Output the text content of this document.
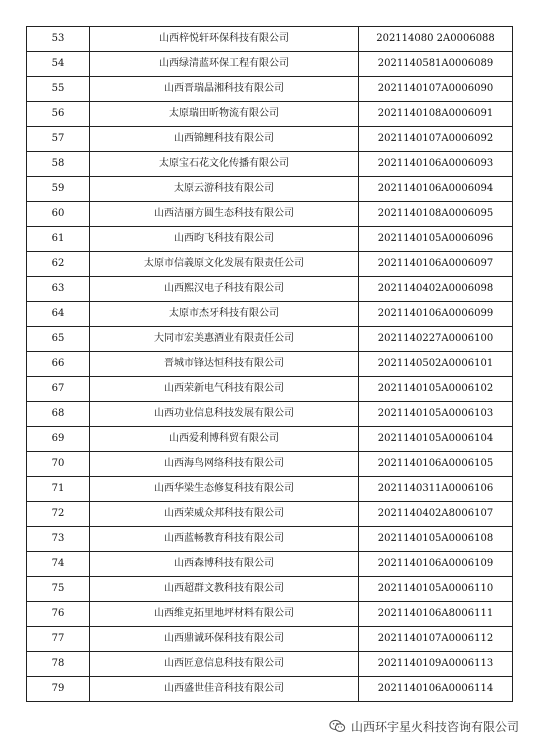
53	山西梓悦轩环保科技有限公司	202114080 2A0006088
54	山西绿清蓝环保工程有限公司	2021140581A0006089
55	山西晋瑞晶湘科技有限公司	2021140107A0006090
56	太原瑞田昕物流有限公司	2021140108A0006091
57	山西锦鲤科技有限公司	2021140107A0006092
58	太原宝石花文化传播有限公司	2021140106A0006093
59	太原云游科技有限公司	2021140106A0006094
60	山西洁丽方圆生态科技有限公司	2021140108A0006095
61	山西昀飞科技有限公司	2021140105A0006096
62	太原市信義原文化发展有限责任公司	2021140106A0006097
63	山西熙汉电子科技有限公司	2021140402A0006098
64	太原市杰牙科技有限公司	2021140106A0006099
65	大同市宏美惠酒业有限责任公司	2021140227A0006100
66	晋城市锋达恒科技有限公司	2021140502A0006101
67	山西荣新电气科技有限公司	2021140105A0006102
68	山西功业信息科技发展有限公司	2021140105A0006103
69	山西爱利博科贸有限公司	2021140105A0006104
70	山西海鸟网络科技有限公司	2021140106A0006105
71	山西华梁生态修复科技有限公司	2021140311A0006106
72	山西荣威众邦科技有限公司	2021140402A8006107
73	山西蓝畅教育科技有限公司	2021140105A0006108
74	山西森博科技有限公司	2021140106A0006109
75	山西超群文教科技有限公司	2021140105A0006110
76	山西维克拓里地坪材料有限公司	2021140106A8006111
77	山西鼎诚环保科技有限公司	2021140107A0006112
78	山西匠意信息科技有限公司	2021140109A0006113
79	山西盛世佳音科技有限公司	2021140106A0006114
山西环宇星火科技咨询有限公司
